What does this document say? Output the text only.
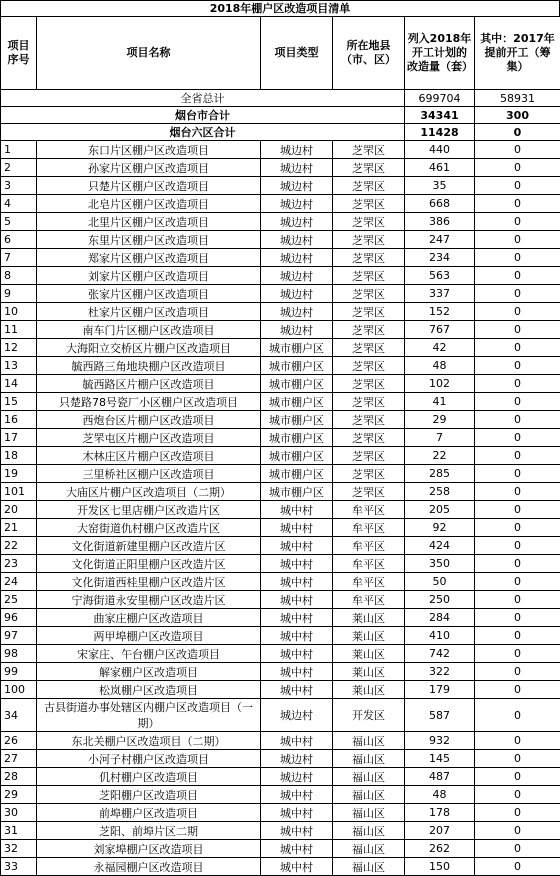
2018年棚户区改造项目清单
项目序号	项目名称	项目类型	所在地县（市、区）	列入2018年开工计划的改造量（套）	其中：2017年提前开工（筹集）
全省总计				699704	58931
烟台市合计				34341	300
烟台六区合计				11428	0
1	东口片区棚户区改造项目	城边村	芝罘区	440	0
2	孙家片区棚户区改造项目	城边村	芝罘区	461	0
3	只楚片区棚户区改造项目	城边村	芝罘区	35	0
4	北皂片区棚户区改造项目	城边村	芝罘区	668	0
5	北里片区棚户区改造项目	城边村	芝罘区	386	0
6	东里片区棚户区改造项目	城边村	芝罘区	247	0
7	郑家片区棚户区改造项目	城边村	芝罘区	234	0
8	刘家片区棚户区改造项目	城边村	芝罘区	563	0
9	张家片区棚户区改造项目	城边村	芝罘区	337	0
10	杜家片区棚户区改造项目	城边村	芝罘区	152	0
11	南车门片区棚户区改造项目	城边村	芝罘区	767	0
12	大海阳立交桥区片棚户区改造项目	城市棚户区	芝罘区	42	0
13	毓西路三角地块棚户区改造项目	城市棚户区	芝罘区	48	0
14	毓西路区片棚户区改造项目	城市棚户区	芝罘区	102	0
15	只楚路78号瓷厂小区棚户区改造项目	城市棚户区	芝罘区	41	0
16	西炮台区片棚户区改造项目	城市棚户区	芝罘区	29	0
17	芝罘屯区片棚户区改造项目	城市棚户区	芝罘区	7	0
18	木林庄区片棚户区改造项目	城市棚户区	芝罘区	22	0
19	三里桥社区棚户区改造项目	城市棚户区	芝罘区	285	0
101	大庙区片棚户区改造项目（二期）	城市棚户区	芝罘区	258	0
20	开发区七里店棚户区改造片区	城中村	牟平区	205	0
21	大窑街道仇村棚户区改造片区	城中村	牟平区	92	0
22	文化街道新建里棚户区改造片区	城中村	牟平区	424	0
23	文化街道正阳里棚户区改造片区	城中村	牟平区	350	0
24	文化街道西桂里棚户区改造片区	城中村	牟平区	50	0
25	宁海街道永安里棚户区改造片区	城中村	牟平区	250	0
96	曲家庄棚户区改造项目	城中村	莱山区	284	0
97	两甲埠棚户区改造项目	城中村	莱山区	410	0
98	宋家庄、午台棚户区改造项目	城中村	莱山区	742	0
99	解家棚户区改造项目	城中村	莱山区	322	0
100	松岚棚户区改造项目	城中村	莱山区	179	0
34	古县街道办事处辖区内棚户区改造项目（一期）	城边村	开发区	587	0
26	东北关棚户区改造项目（二期）	城中村	福山区	932	0
27	小河子村棚户区改造项目	城边村	福山区	145	0
28	仉村棚户区改造项目	城边村	福山区	487	0
29	芝阳棚户区改造项目	城中村	福山区	48	0
30	前埠棚户区改造项目	城中村	福山区	178	0
31	芝阳、前埠片区二期	城中村	福山区	207	0
32	刘家埠棚户区改造项目	城中村	福山区	262	0
33	永福园棚户区改造项目	城中村	福山区	150	0
